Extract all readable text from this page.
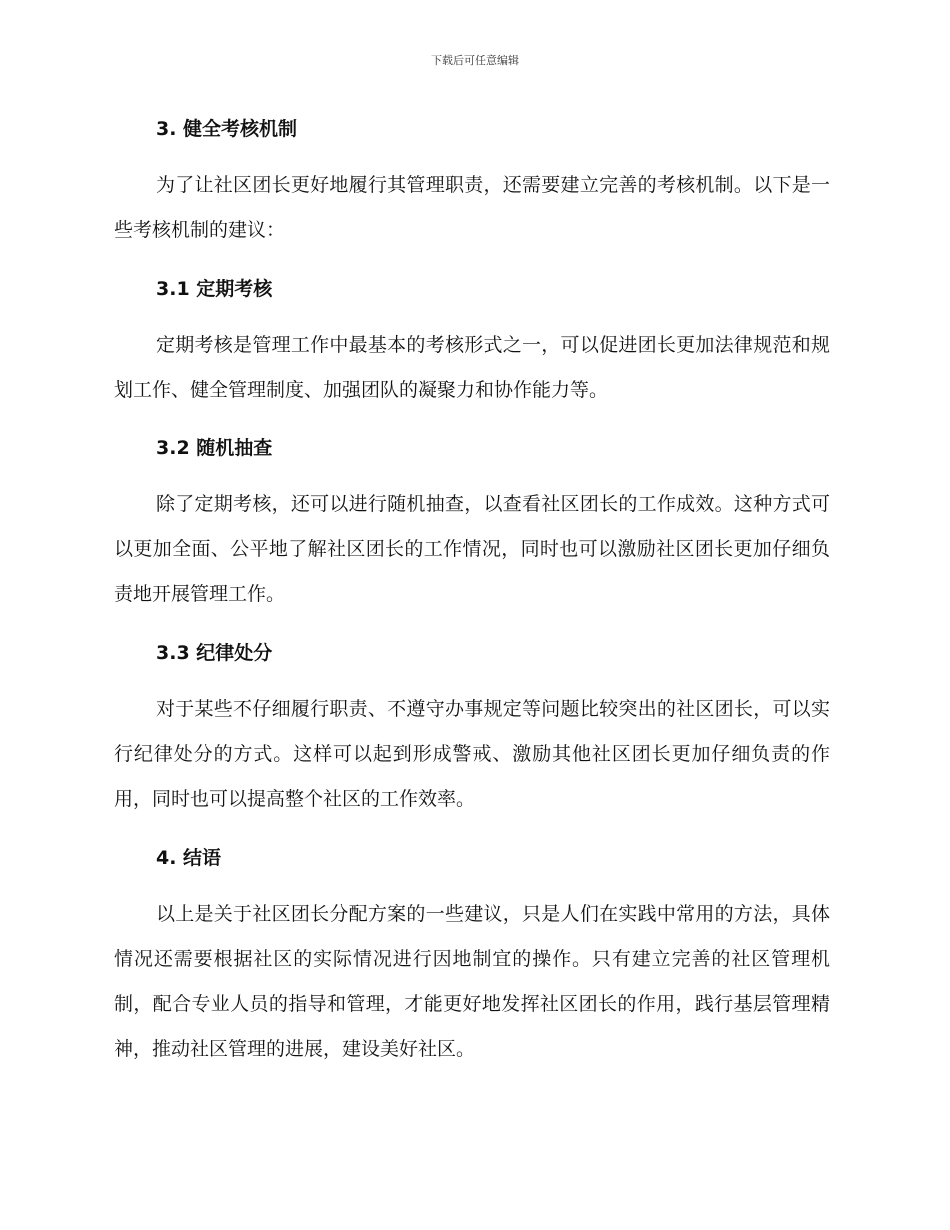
下载后可任意编辑
3. 健全考核机制

为了让社区团长更好地履行其管理职责，还需要建立完善的考核机制。以下是一些考核机制的建议：

3.1 定期考核

定期考核是管理工作中最基本的考核形式之一，可以促进团长更加法律规范和规划工作、健全管理制度、加强团队的凝聚力和协作能力等。

3.2 随机抽查

除了定期考核，还可以进行随机抽查，以查看社区团长的工作成效。这种方式可以更加全面、公平地了解社区团长的工作情况，同时也可以激励社区团长更加仔细负责地开展管理工作。

3.3 纪律处分

对于某些不仔细履行职责、不遵守办事规定等问题比较突出的社区团长，可以实行纪律处分的方式。这样可以起到形成警戒、激励其他社区团长更加仔细负责的作用，同时也可以提高整个社区的工作效率。

4. 结语

以上是关于社区团长分配方案的一些建议，只是人们在实践中常用的方法，具体情况还需要根据社区的实际情况进行因地制宜的操作。只有建立完善的社区管理机制，配合专业人员的指导和管理，才能更好地发挥社区团长的作用，践行基层管理精神，推动社区管理的进展，建设美好社区。
